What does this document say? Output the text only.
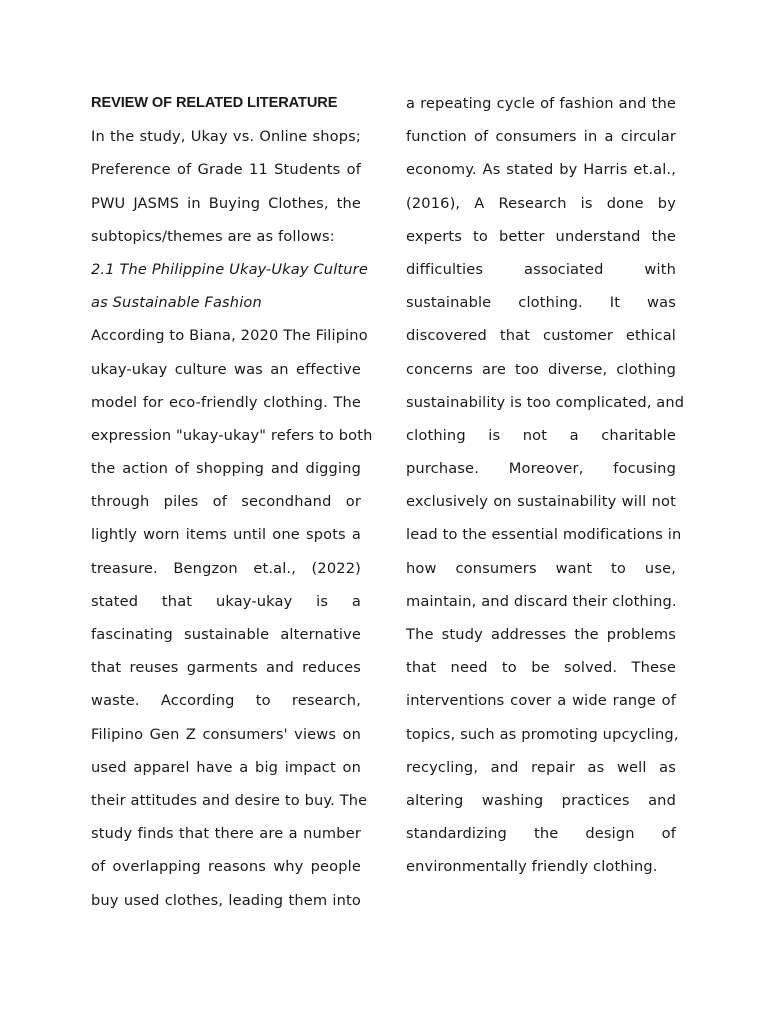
REVIEW OF RELATED LITERATURE
In the study, Ukay vs. Online shops;
Preference of Grade 11 Students of
PWU JASMS in Buying Clothes, the
subtopics/themes are as follows:
2.1 The Philippine Ukay-Ukay Culture
as Sustainable Fashion
According to Biana, 2020 The Filipino
ukay-ukay culture was an effective
model for eco-friendly clothing. The
expression "ukay-ukay" refers to both
the action of shopping and digging
through piles of secondhand or
lightly worn items until one spots a
treasure. Bengzon et.al., (2022)
stated that ukay-ukay is a
fascinating sustainable alternative
that reuses garments and reduces
waste. According to research,
Filipino Gen Z consumers' views on
used apparel have a big impact on
their attitudes and desire to buy. The
study finds that there are a number
of overlapping reasons why people
buy used clothes, leading them into
a repeating cycle of fashion and the
function of consumers in a circular
economy. As stated by Harris et.al.,
(2016), A Research is done by
experts to better understand the
difficulties associated with
sustainable clothing. It was
discovered that customer ethical
concerns are too diverse, clothing
sustainability is too complicated, and
clothing is not a charitable
purchase. Moreover, focusing
exclusively on sustainability will not
lead to the essential modifications in
how consumers want to use,
maintain, and discard their clothing.
The study addresses the problems
that need to be solved. These
interventions cover a wide range of
topics, such as promoting upcycling,
recycling, and repair as well as
altering washing practices and
standardizing the design of
environmentally friendly clothing.
